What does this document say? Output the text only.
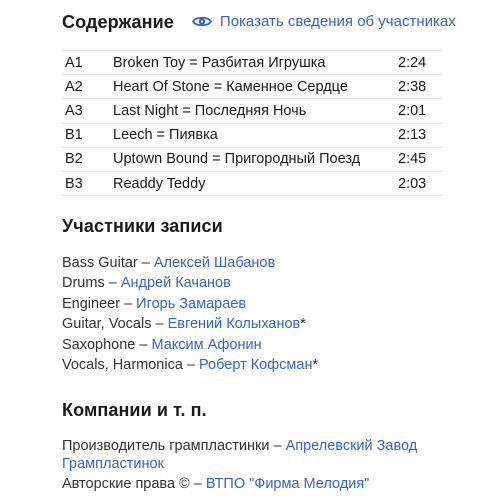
Содержание	Показать сведения об участниках
A1	Broken Toy = Разбитая Игрушка	2:24
A2	Heart Of Stone = Каменное Сердце	2:38
A3	Last Night = Последняя Ночь	2:01
B1	Leech = Пиявка	2:13
B2	Uptown Bound = Пригородный Поезд	2:45
B3	Readdy Teddy	2:03
Участники записи
Bass Guitar – Алексей Шабанов
Drums – Андрей Качанов
Engineer – Игорь Замараев
Guitar, Vocals – Евгений Колыханов*
Saxophone – Максим Афонин
Vocals, Harmonica – Роберт Кофсман*
Компании и т. п.
Производитель грампластинки – Апрелевский Завод Грампластинок
Авторские права © – ВТПО "Фирма Мелодия"
